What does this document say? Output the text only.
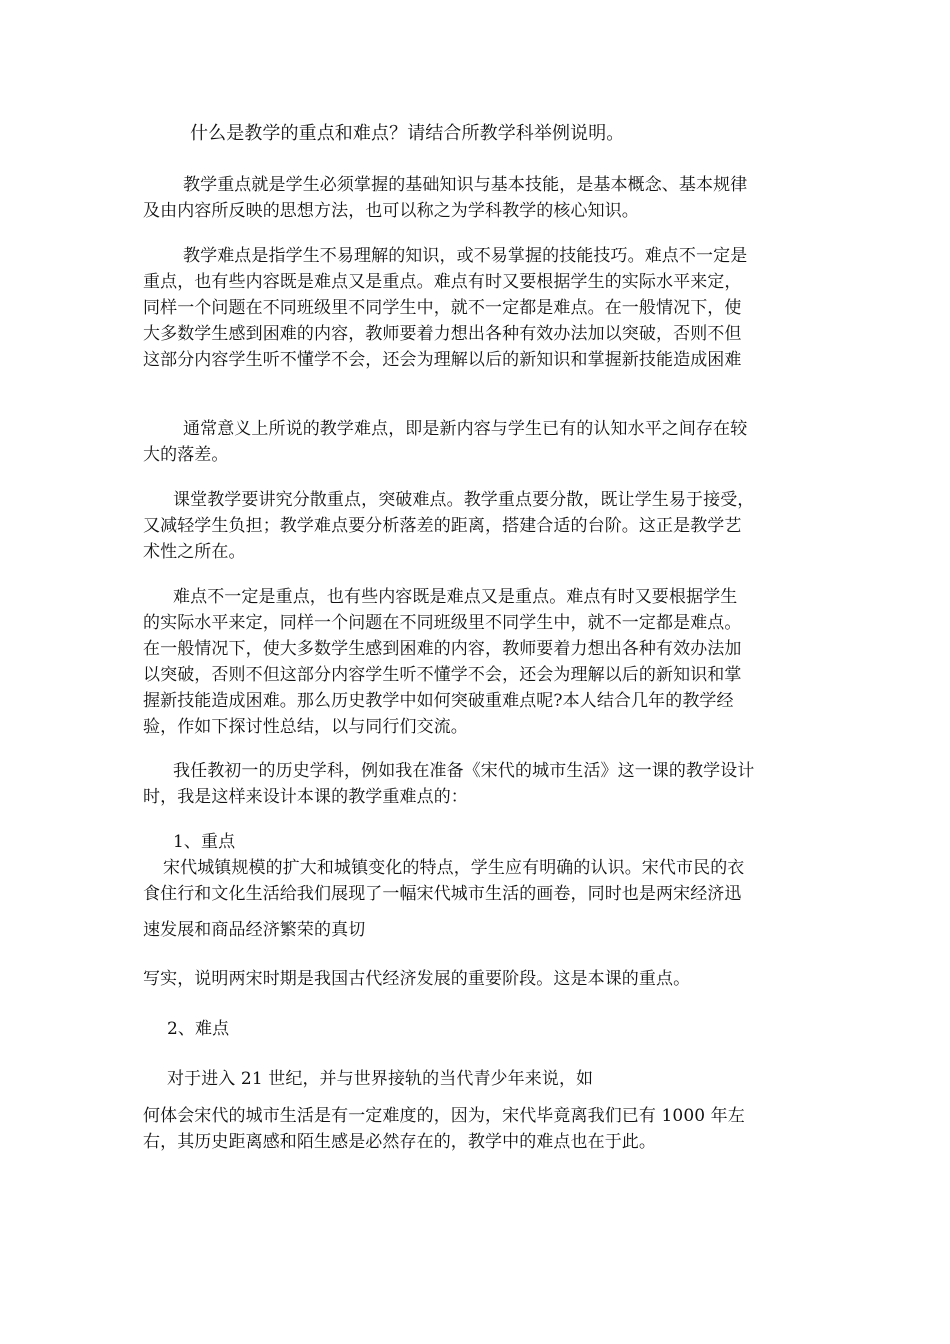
什么是教学的重点和难点？请结合所教学科举例说明。
教学重点就是学生必须掌握的基础知识与基本技能，是基本概念、基本规律
及由内容所反映的思想方法，也可以称之为学科教学的核心知识。
教学难点是指学生不易理解的知识，或不易掌握的技能技巧。难点不一定是
重点，也有些内容既是难点又是重点。难点有时又要根据学生的实际水平来定，
同样一个问题在不同班级里不同学生中，就不一定都是难点。在一般情况下，使
大多数学生感到困难的内容，教师要着力想出各种有效办法加以突破，否则不但
这部分内容学生听不懂学不会，还会为理解以后的新知识和掌握新技能造成困难
通常意义上所说的教学难点，即是新内容与学生已有的认知水平之间存在较
大的落差。
课堂教学要讲究分散重点，突破难点。教学重点要分散，既让学生易于接受，
又减轻学生负担；教学难点要分析落差的距离，搭建合适的台阶。这正是教学艺
术性之所在。
难点不一定是重点，也有些内容既是难点又是重点。难点有时又要根据学生
的实际水平来定，同样一个问题在不同班级里不同学生中，就不一定都是难点。
在一般情况下，使大多数学生感到困难的内容，教师要着力想出各种有效办法加
以突破，否则不但这部分内容学生听不懂学不会，还会为理解以后的新知识和掌
握新技能造成困难。那么历史教学中如何突破重难点呢?本人结合几年的教学经
验，作如下探讨性总结，以与同行们交流。
我任教初一的历史学科，例如我在准备《宋代的城市生活》这一课的教学设计
时，我是这样来设计本课的教学重难点的：
1、重点
宋代城镇规模的扩大和城镇变化的特点，学生应有明确的认识。宋代市民的衣
食住行和文化生活给我们展现了一幅宋代城市生活的画卷，同时也是两宋经济迅
速发展和商品经济繁荣的真切
写实，说明两宋时期是我国古代经济发展的重要阶段。这是本课的重点。
2、难点
对于进入 21 世纪，并与世界接轨的当代青少年来说，如
何体会宋代的城市生活是有一定难度的，因为，宋代毕竟离我们已有 1000 年左
右，其历史距离感和陌生感是必然存在的，教学中的难点也在于此。
